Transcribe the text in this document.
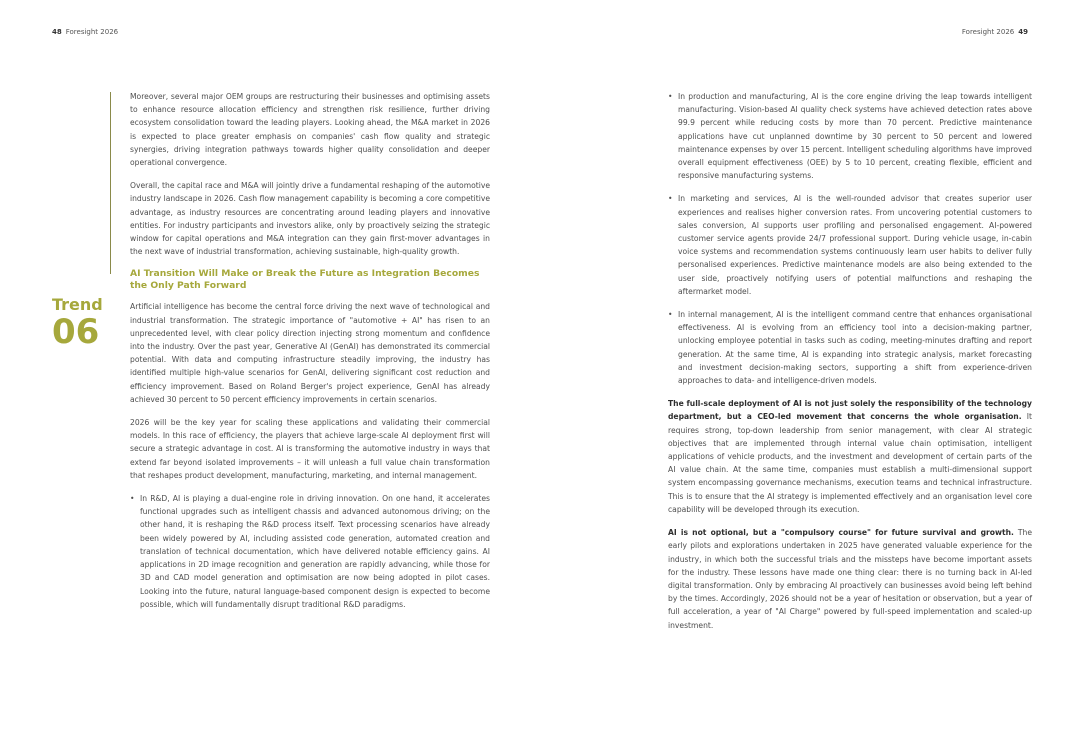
48 Foresight 2026	Foresight 2026 49
Trend
06

Moreover, several major OEM groups are restructuring their businesses and optimising assets to enhance resource allocation efficiency and strengthen risk resilience, further driving ecosystem consolidation toward the leading players. Looking ahead, the M&A market in 2026 is expected to place greater emphasis on companies' cash flow quality and strategic synergies, driving integration pathways towards higher quality consolidation and deeper operational convergence.

Overall, the capital race and M&A will jointly drive a fundamental reshaping of the automotive industry landscape in 2026. Cash flow management capability is becoming a core competitive advantage, as industry resources are concentrating around leading players and innovative entities. For industry participants and investors alike, only by proactively seizing the strategic window for capital operations and M&A integration can they gain first-mover advantages in the next wave of industrial transformation, achieving sustainable, high-quality growth.

AI Transition Will Make or Break the Future as Integration Becomes the Only Path Forward

Artificial intelligence has become the central force driving the next wave of technological and industrial transformation. The strategic importance of "automotive + AI" has risen to an unprecedented level, with clear policy direction injecting strong momentum and confidence into the industry. Over the past year, Generative AI (GenAI) has demonstrated its commercial potential. With data and computing infrastructure steadily improving, the industry has identified multiple high-value scenarios for GenAI, delivering significant cost reduction and efficiency improvement. Based on Roland Berger's project experience, GenAI has already achieved 30 percent to 50 percent efficiency improvements in certain scenarios.

2026 will be the key year for scaling these applications and validating their commercial models. In this race of efficiency, the players that achieve large-scale AI deployment first will secure a strategic advantage in cost. AI is transforming the automotive industry in ways that extend far beyond isolated improvements – it will unleash a full value chain transformation that reshapes product development, manufacturing, marketing, and internal management.

• In R&D, AI is playing a dual-engine role in driving innovation. On one hand, it accelerates functional upgrades such as intelligent chassis and advanced autonomous driving; on the other hand, it is reshaping the R&D process itself. Text processing scenarios have already been widely powered by AI, including assisted code generation, automated creation and translation of technical documentation, which have delivered notable efficiency gains. AI applications in 2D image recognition and generation are rapidly advancing, while those for 3D and CAD model generation and optimisation are now being adopted in pilot cases. Looking into the future, natural language-based component design is expected to become possible, which will fundamentally disrupt traditional R&D paradigms.
• In production and manufacturing, AI is the core engine driving the leap towards intelligent manufacturing. Vision-based AI quality check systems have achieved detection rates above 99.9 percent while reducing costs by more than 70 percent. Predictive maintenance applications have cut unplanned downtime by 30 percent to 50 percent and lowered maintenance expenses by over 15 percent. Intelligent scheduling algorithms have improved overall equipment effectiveness (OEE) by 5 to 10 percent, creating flexible, efficient and responsive manufacturing systems.
• In marketing and services, AI is the well-rounded advisor that creates superior user experiences and realises higher conversion rates. From uncovering potential customers to sales conversion, AI supports user profiling and personalised engagement. AI-powered customer service agents provide 24/7 professional support. During vehicle usage, in-cabin voice systems and recommendation systems continuously learn user habits to deliver fully personalised experiences. Predictive maintenance models are also being extended to the user side, proactively notifying users of potential malfunctions and reshaping the aftermarket model.
• In internal management, AI is the intelligent command centre that enhances organisational effectiveness. AI is evolving from an efficiency tool into a decision-making partner, unlocking employee potential in tasks such as coding, meeting-minutes drafting and report generation. At the same time, AI is expanding into strategic analysis, market forecasting and investment decision-making sectors, supporting a shift from experience-driven approaches to data- and intelligence-driven models.

The full-scale deployment of AI is not just solely the responsibility of the technology department, but a CEO-led movement that concerns the whole organisation. It requires strong, top-down leadership from senior management, with clear AI strategic objectives that are implemented through internal value chain optimisation, intelligent applications of vehicle products, and the investment and development of certain parts of the AI value chain. At the same time, companies must establish a multi-dimensional support system encompassing governance mechanisms, execution teams and technical infrastructure. This is to ensure that the AI strategy is implemented effectively and an organisation level core capability will be developed through its execution.

AI is not optional, but a "compulsory course" for future survival and growth. The early pilots and explorations undertaken in 2025 have generated valuable experience for the industry, in which both the successful trials and the missteps have become important assets for the industry. These lessons have made one thing clear: there is no turning back in AI-led digital transformation. Only by embracing AI proactively can businesses avoid being left behind by the times. Accordingly, 2026 should not be a year of hesitation or observation, but a year of full acceleration, a year of "AI Charge" powered by full-speed implementation and scaled-up investment.
